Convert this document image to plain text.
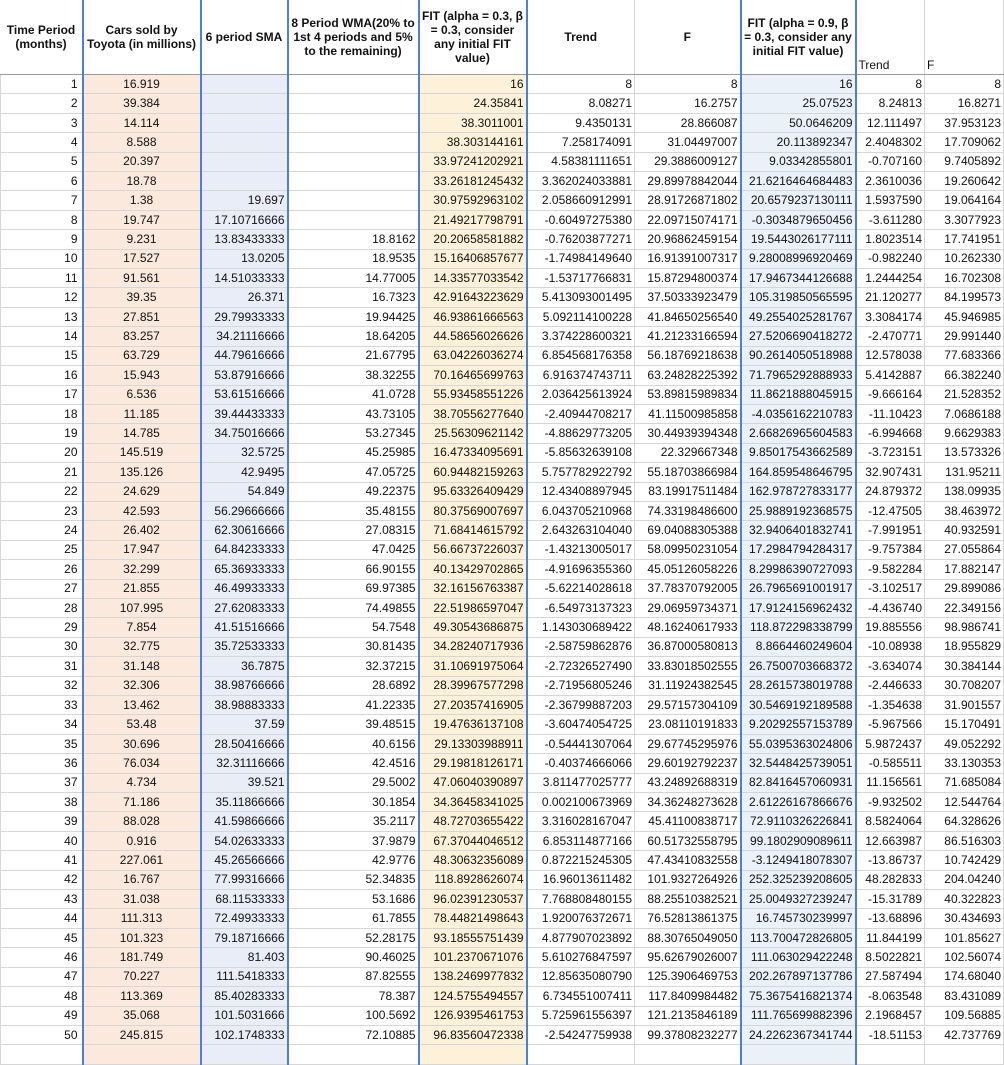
Time Period (months)	Cars sold by Toyota (in millions)	6 period SMA	8 Period WMA(20% to 1st 4 periods and 5% to the remaining)	FIT (alpha = 0.3, β = 0.3, consider any initial FIT value)	Trend	F	FIT (alpha = 0.9, β = 0.3, consider any initial FIT value)	Trend	F
1	16.919			16	8	8	16	8	8
2	39.384			24.35841	8.08271	16.2757	25.07523	8.24813	16.8271
3	14.114			38.3011001	9.4350131	28.866087	50.0646209	12.111497	37.953123
4	8.588			38.303144161	7.258174091	31.04497007	20.113892347	2.4048302	17.709062
5	20.397			33.97241202921	4.58381111651	29.3886009127	9.03342855801	-0.707160	9.7405892
6	18.78			33.26181245432	3.362024033881	29.89978842044	21.6216464684483	2.3610036	19.260642
7	1.38	19.697		30.97592963102	2.058660912991	28.91726871802	20.6579237130111	1.5937590	19.064164
8	19.747	17.10716666		21.49217798791	-0.60497275380	22.09715074171	-0.3034879650456	-3.611280	3.3077923
9	9.231	13.83433333	18.8162	20.20658581882	-0.76203877271	20.96862459154	19.5443026177111	1.8023514	17.741951
10	17.527	13.0205	18.9535	15.16406857677	-1.74984149640	16.91391007317	9.28008996920469	-0.982240	10.262330
11	91.561	14.51033333	14.77005	14.33577033542	-1.53717766831	15.87294800374	17.9467344126688	1.2444254	16.702308
12	39.35	26.371	16.7323	42.91643223629	5.413093001495	37.50333923479	105.319850565595	21.120277	84.199573
13	27.851	29.79933333	19.94425	46.93861666563	5.092114100228	41.84650256540	49.2554025281767	3.3084174	45.946985
14	83.257	34.21116666	18.64205	44.58656026626	3.374228600321	41.21233166594	27.5206690418272	-2.470771	29.991440
15	63.729	44.79616666	21.67795	63.04226036274	6.854568176358	56.18769218638	90.2614050518988	12.578038	77.683366
16	15.943	53.87916666	38.32255	70.16465699763	6.916374743711	63.24828225392	71.7965292888933	5.4142887	66.382240
17	6.536	53.61516666	41.0728	55.93458551226	2.036425613924	53.89815989834	11.8621888045915	-9.666164	21.528352
18	11.185	39.44433333	43.73105	38.70556277640	-2.40944708217	41.11500985858	-4.0356162210783	-11.10423	7.0686188
19	14.785	34.75016666	53.27345	25.56309621142	-4.88629773205	30.44939394348	2.66826965604583	-6.994668	9.6629383
20	145.519	32.5725	45.25985	16.47334095691	-5.85632639108	22.329667348	9.85017543662589	-3.723151	13.573326
21	135.126	42.9495	47.05725	60.94482159263	5.757782922792	55.18703866984	164.859548646795	32.907431	131.95211
22	24.629	54.849	49.22375	95.63326409429	12.43408897945	83.19917511484	162.978727833177	24.879372	138.09935
23	42.593	56.29666666	35.48155	80.37569007697	6.043705210968	74.33198486600	25.9889192368575	-12.47505	38.463972
24	26.402	62.30616666	27.08315	71.68414615792	2.643263104040	69.04088305388	32.9406401832741	-7.991951	40.932591
25	17.947	64.84233333	47.0425	56.66737226037	-1.43213005017	58.09950231054	17.2984794284317	-9.757384	27.055864
26	32.299	65.36933333	66.90155	40.13429702865	-4.91696355360	45.05126058226	8.29986390727093	-9.582284	17.882147
27	21.855	46.49933333	69.97385	32.16156763387	-5.62214028618	37.78370792005	26.7965691001917	-3.102517	29.899086
28	107.995	27.62083333	74.49855	22.51986597047	-6.54973137323	29.06959734371	17.9124156962432	-4.436740	22.349156
29	7.854	41.51516666	54.7548	49.30543686875	1.143030689422	48.16240617933	118.872298338799	19.885556	98.986741
30	32.775	35.72533333	30.81435	34.28240717936	-2.58759862876	36.87000580813	8.8664460249604	-10.08938	18.955829
31	31.148	36.7875	32.37215	31.10691975064	-2.72326527490	33.83018502555	26.7500703668372	-3.634074	30.384144
32	32.306	38.98766666	28.6892	28.39967577298	-2.71956805246	31.11924382545	28.2615738019788	-2.446633	30.708207
33	13.462	38.98883333	41.22335	27.20357416905	-2.36799887203	29.57157304109	30.5469192189588	-1.354638	31.901557
34	53.48	37.59	39.48515	19.47636137108	-3.60474054725	23.08110191833	9.20292557153789	-5.967566	15.170491
35	30.696	28.50416666	40.6156	29.13303988911	-0.54441307064	29.67745295976	55.0395363024806	5.9872437	49.052292
36	76.034	32.31116666	42.4516	29.19818126171	-0.40374666066	29.60192792237	32.5448425739051	-0.585511	33.130353
37	4.734	39.521	29.5002	47.06040390897	3.811477025777	43.24892688319	82.8416457060931	11.156561	71.685084
38	71.186	35.11866666	30.1854	34.36458341025	0.002100673969	34.36248273628	2.61226167866676	-9.932502	12.544764
39	88.028	41.59866666	35.2117	48.72703655422	3.316028167047	45.41100838717	72.9110326226841	8.5824064	64.328626
40	0.916	54.02633333	37.9879	67.37044046512	6.853114877166	60.51732558795	99.1802909089611	12.663987	86.516303
41	227.061	45.26566666	42.9776	48.30632356089	0.872215245305	47.43410832558	-3.1249418078307	-13.86737	10.742429
42	16.767	77.99316666	52.34835	118.8928626074	16.96013611482	101.9327264926	252.325239208605	48.282833	204.04240
43	31.038	68.11533333	53.1686	96.02391230537	7.768808480155	88.25510382521	25.0049327239247	-15.31789	40.322823
44	111.313	72.49933333	61.7855	78.44821498643	1.920076372671	76.52813861375	16.745730239997	-13.68896	30.434693
45	101.323	79.18716666	52.28175	93.18555751439	4.877907023892	88.30765049050	113.700472826805	11.844199	101.85627
46	181.749	81.403	90.46025	101.2370671076	5.610276847597	95.62679026007	111.063029422248	8.5022821	102.56074
47	70.227	111.5418333	87.82555	138.2469977832	12.85635080790	125.3906469753	202.267897137786	27.587494	174.68040
48	113.369	85.40283333	78.387	124.5755494557	6.734551007411	117.8409984482	75.3675416821374	-8.063548	83.431089
49	35.068	101.5031666	100.5692	126.9395461753	5.725961556397	121.2135846189	111.765699882396	2.1968457	109.56885
50	245.815	102.1748333	72.10885	96.83560472338	-2.54247759938	99.37808232277	24.2262367341744	-18.51153	42.737769
